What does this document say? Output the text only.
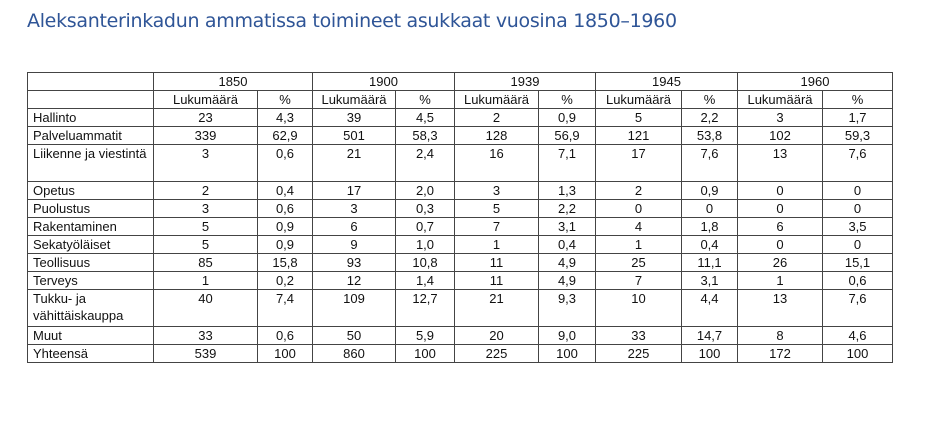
Aleksanterinkadun ammatissa toimineet asukkaat vuosina 1850–1960
	1850		1900		1939		1945		1960	
	Lukumäärä	%	Lukumäärä	%	Lukumäärä	%	Lukumäärä	%	Lukumäärä	%
Hallinto	23	4,3	39	4,5	2	0,9	5	2,2	3	1,7
Palveluammatit	339	62,9	501	58,3	128	56,9	121	53,8	102	59,3
Liikenne ja viestintä	3	0,6	21	2,4	16	7,1	17	7,6	13	7,6
Opetus	2	0,4	17	2,0	3	1,3	2	0,9	0	0
Puolustus	3	0,6	3	0,3	5	2,2	0	0	0	0
Rakentaminen	5	0,9	6	0,7	7	3,1	4	1,8	6	3,5
Sekatyöläiset	5	0,9	9	1,0	1	0,4	1	0,4	0	0
Teollisuus	85	15,8	93	10,8	11	4,9	25	11,1	26	15,1
Terveys	1	0,2	12	1,4	11	4,9	7	3,1	1	0,6
Tukku- ja vähittäiskauppa	40	7,4	109	12,7	21	9,3	10	4,4	13	7,6
Muut	33	0,6	50	5,9	20	9,0	33	14,7	8	4,6
Yhteensä	539	100	860	100	225	100	225	100	172	100
